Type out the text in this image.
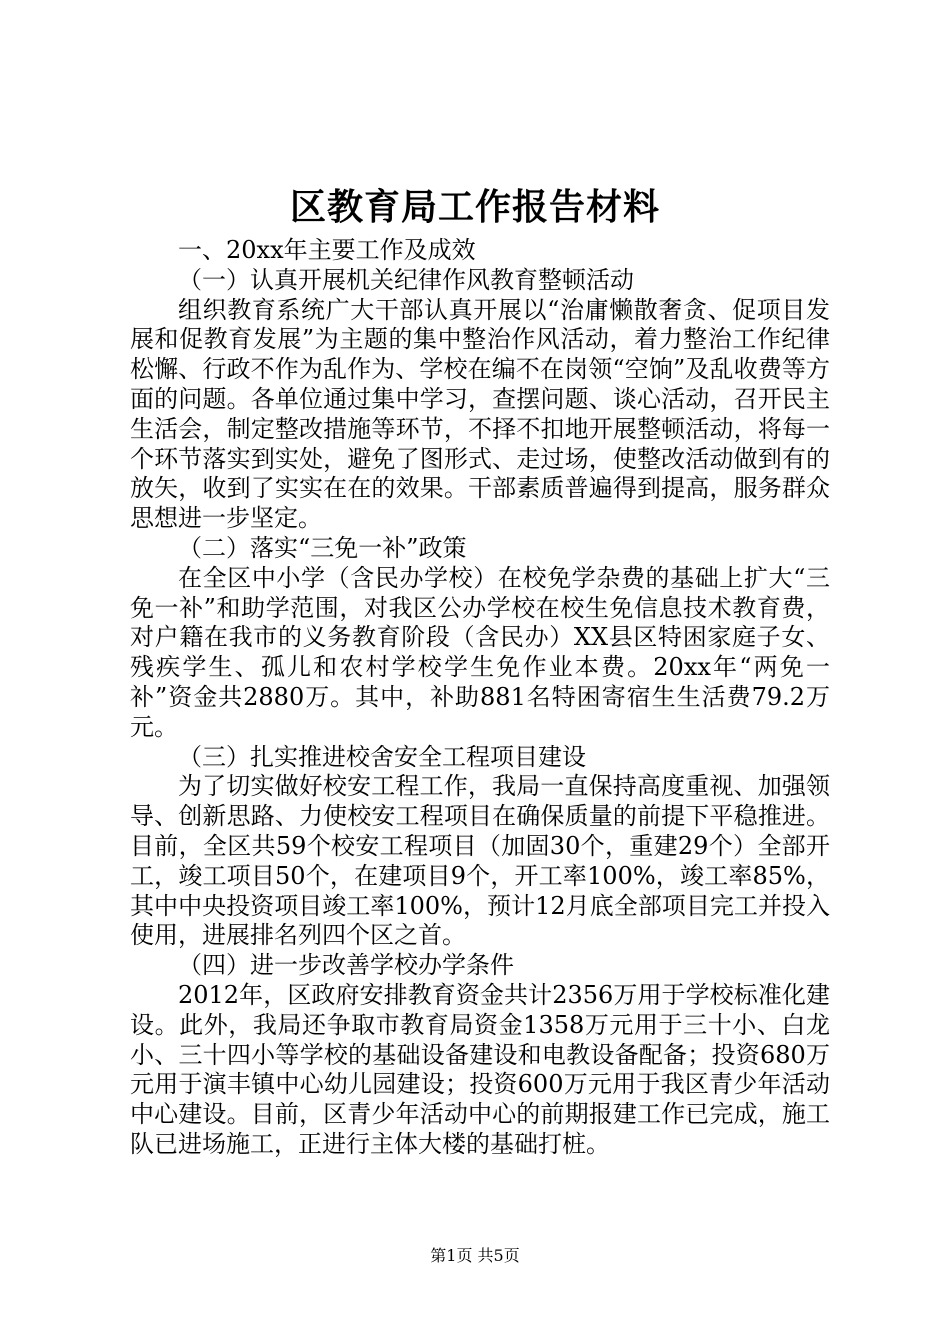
区教育局工作报告材料

一、20xx年主要工作及成效

（一）认真开展机关纪律作风教育整顿活动

组织教育系统广大干部认真开展以“治庸懒散奢贪、促项目发展和促教育发展”为主题的集中整治作风活动，着力整治工作纪律松懈、行政不作为乱作为、学校在编不在岗领“空饷”及乱收费等方面的问题。各单位通过集中学习，查摆问题、谈心活动，召开民主生活会，制定整改措施等环节，不择不扣地开展整顿活动，将每一个环节落实到实处，避免了图形式、走过场，使整改活动做到有的放矢，收到了实实在在的效果。干部素质普遍得到提高，服务群众思想进一步坚定。

（二）落实“三免一补”政策

在全区中小学（含民办学校）在校免学杂费的基础上扩大“三免一补”和助学范围，对我区公办学校在校生免信息技术教育费，对户籍在我市的义务教育阶段（含民办）XX县区特困家庭子女、残疾学生、孤儿和农村学校学生免作业本费。20xx年“两免一补”资金共2880万。其中，补助881名特困寄宿生生活费79.2万元。

（三）扎实推进校舍安全工程项目建设

为了切实做好校安工程工作，我局一直保持高度重视、加强领导、创新思路、力使校安工程项目在确保质量的前提下平稳推进。目前，全区共59个校安工程项目（加固30个，重建29个）全部开工，竣工项目50个，在建项目9个，开工率100%，竣工率85%，其中中央投资项目竣工率100%，预计12月底全部项目完工并投入使用，进展排名列四个区之首。

（四）进一步改善学校办学条件

2012年，区政府安排教育资金共计2356万用于学校标准化建设。此外，我局还争取市教育局资金1358万元用于三十小、白龙小、三十四小等学校的基础设备建设和电教设备配备；投资680万元用于演丰镇中心幼儿园建设；投资600万元用于我区青少年活动中心建设。目前，区青少年活动中心的前期报建工作已完成，施工队已进场施工，正进行主体大楼的基础打桩。

第1页 共5页
